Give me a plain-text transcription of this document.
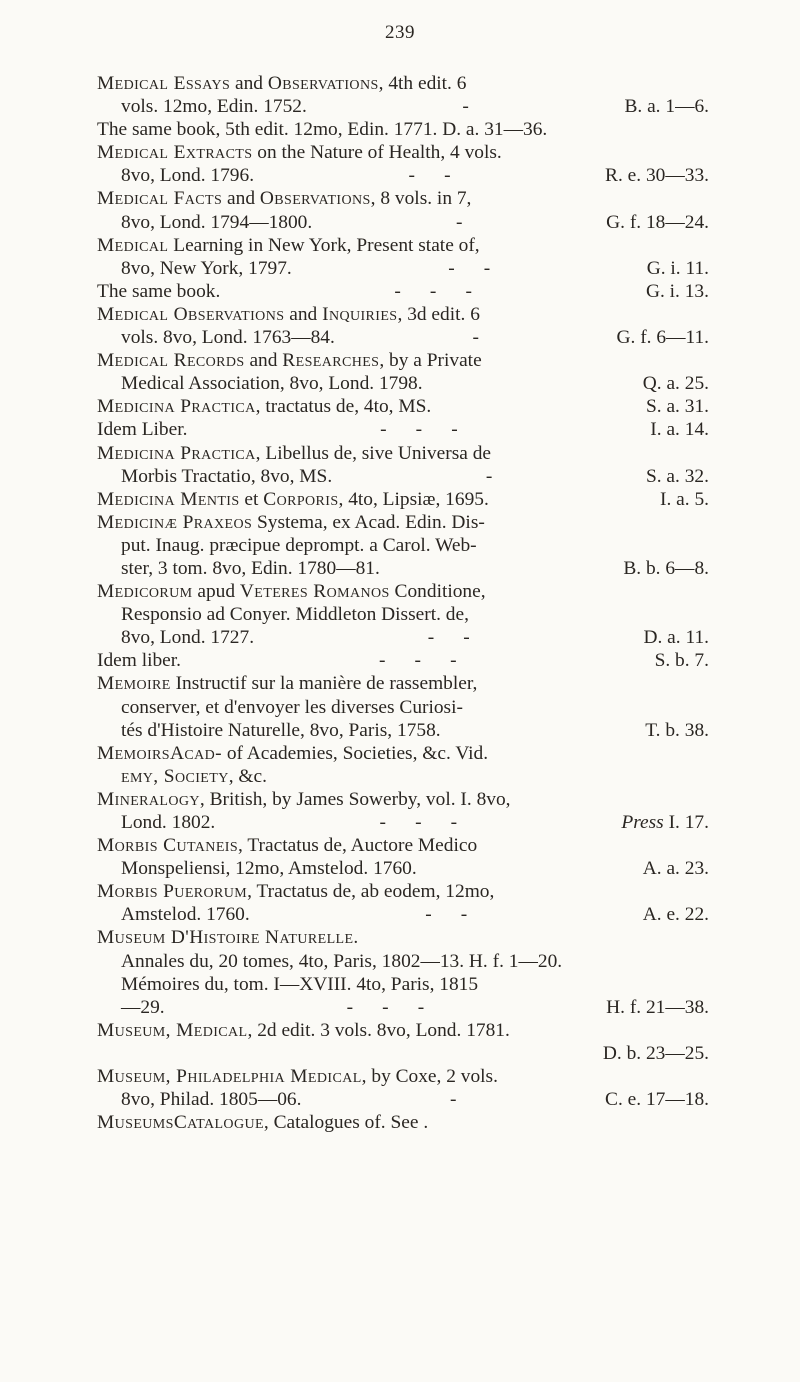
239
Medical Essays and Observations, 4th edit. 6
vols. 12mo, Edin. 1752.	-	B. a. 1—6.
The same book, 5th edit. 12mo, Edin. 1771. D. a. 31—36.
Medical Extracts on the Nature of Health, 4 vols.
8vo, Lond. 1796.	-      -	R. e. 30—33.
Medical Facts and Observations, 8 vols. in 7,
8vo, Lond. 1794—1800.	-	G. f. 18—24.
Medical Learning in New York, Present state of,
8vo, New York, 1797.	-      -	G. i. 11.
The same book.	-      -      -	G. i. 13.
Medical Observations and Inquiries, 3d edit. 6
vols. 8vo, Lond. 1763—84.	-	G. f. 6—11.
Medical Records and Researches, by a Private
Medical Association, 8vo, Lond. 1798.	Q. a. 25.
Medicina Practica, tractatus de, 4to, MS.	S. a. 31.
Idem Liber.	-      -      -	I. a. 14.
Medicina Practica, Libellus de, sive Universa de
Morbis Tractatio, 8vo, MS.	-	S. a. 32.
Medicina Mentis et Corporis, 4to, Lipsiæ, 1695.	I. a. 5.
Medicinæ Praxeos Systema, ex Acad. Edin. Dis-
put. Inaug. præcipue deprompt. a Carol. Web-
ster, 3 tom. 8vo, Edin. 1780—81.	B. b. 6—8.
Medicorum apud Veteres Romanos Conditione,
Responsio ad Conyer. Middleton Dissert. de,
8vo, Lond. 1727.	-      -	D. a. 11.
Idem liber.	-      -      -	S. b. 7.
Memoire Instructif sur la manière de rassembler,
conserver, et d'envoyer les diverses Curiosi-
tés d'Histoire Naturelle, 8vo, Paris, 1758.	T. b. 38.
MemoirsAcad- of Academies, Societies, &c. Vid.
emy, Society, &c.
Mineralogy, British, by James Sowerby, vol. I. 8vo,
Lond. 1802.	-      -      -	Press I. 17.
Morbis Cutaneis, Tractatus de, Auctore Medico
Monspeliensi, 12mo, Amstelod. 1760.	A. a. 23.
Morbis Puerorum, Tractatus de, ab eodem, 12mo,
Amstelod. 1760.	-      -	A. e. 22.
Museum D'Histoire Naturelle.
Annales du, 20 tomes, 4to, Paris, 1802—13. H. f. 1—20.
Mémoires du, tom. I—XVIII. 4to, Paris, 1815
—29.	-      -      -	H. f. 21—38.
Museum, Medical, 2d edit. 3 vols. 8vo, Lond. 1781.
D. b. 23—25.
Museum, Philadelphia Medical, by Coxe, 2 vols.
8vo, Philad. 1805—06.	-	C. e. 17—18.
MuseumsCatalogue, Catalogues of. See .
